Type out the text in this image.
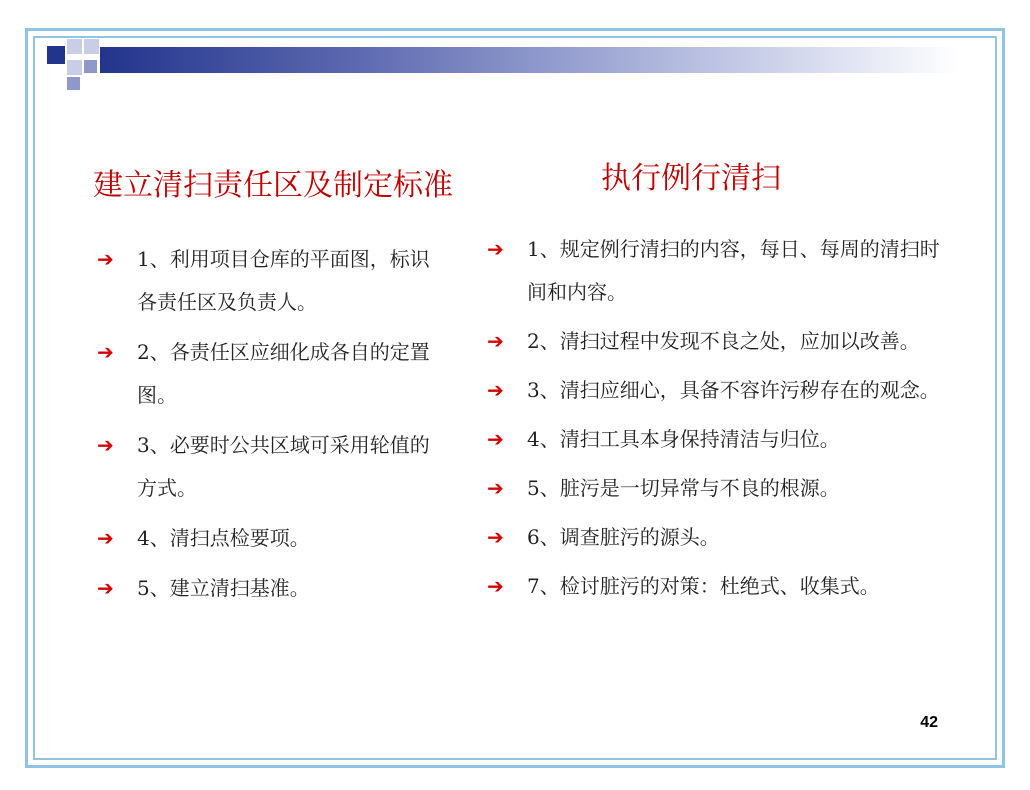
建立清扫责任区及制定标准	执行例行清扫
➔ 1、利用项目仓库的平面图，标识各责任区及负责人。
➔ 2、各责任区应细化成各自的定置图。
➔ 3、必要时公共区域可采用轮值的方式。
➔ 4、清扫点检要项。
➔ 5、建立清扫基准。
➔ 1、规定例行清扫的内容，每日、每周的清扫时间和内容。
➔ 2、清扫过程中发现不良之处，应加以改善。
➔ 3、清扫应细心，具备不容许污秽存在的观念。
➔ 4、清扫工具本身保持清洁与归位。
➔ 5、脏污是一切异常与不良的根源。
➔ 6、调查脏污的源头。
➔ 7、检讨脏污的对策：杜绝式、收集式。
42
